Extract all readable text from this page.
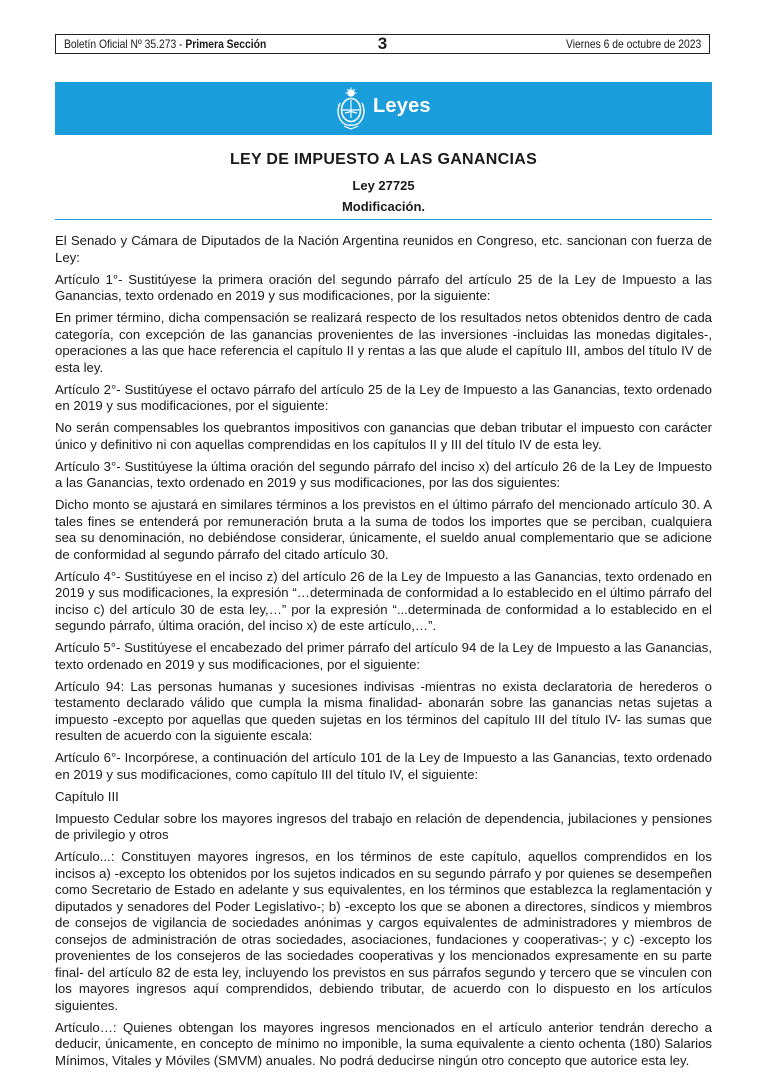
Boletín Oficial Nº 35.273 - Primera Sección	3	Viernes 6 de octubre de 2023
Leyes
LEY DE IMPUESTO A LAS GANANCIAS
Ley 27725
Modificación.

El Senado y Cámara de Diputados de la Nación Argentina reunidos en Congreso, etc. sancionan con fuerza de Ley:

Artículo 1°- Sustitúyese la primera oración del segundo párrafo del artículo 25 de la Ley de Impuesto a las Ganancias, texto ordenado en 2019 y sus modificaciones, por la siguiente:

En primer término, dicha compensación se realizará respecto de los resultados netos obtenidos dentro de cada categoría, con excepción de las ganancias provenientes de las inversiones -incluidas las monedas digitales-, operaciones a las que hace referencia el capítulo II y rentas a las que alude el capítulo III, ambos del título IV de esta ley.

Artículo 2°- Sustitúyese el octavo párrafo del artículo 25 de la Ley de Impuesto a las Ganancias, texto ordenado en 2019 y sus modificaciones, por el siguiente:

No serán compensables los quebrantos impositivos con ganancias que deban tributar el impuesto con carácter único y definitivo ni con aquellas comprendidas en los capítulos II y III del título IV de esta ley.

Artículo 3°- Sustitúyese la última oración del segundo párrafo del inciso x) del artículo 26 de la Ley de Impuesto a las Ganancias, texto ordenado en 2019 y sus modificaciones, por las dos siguientes:

Dicho monto se ajustará en similares términos a los previstos en el último párrafo del mencionado artículo 30. A tales fines se entenderá por remuneración bruta a la suma de todos los importes que se perciban, cualquiera sea su denominación, no debiéndose considerar, únicamente, el sueldo anual complementario que se adicione de conformidad al segundo párrafo del citado artículo 30.

Artículo 4°- Sustitúyese en el inciso z) del artículo 26 de la Ley de Impuesto a las Ganancias, texto ordenado en 2019 y sus modificaciones, la expresión “…determinada de conformidad a lo establecido en el último párrafo del inciso c) del artículo 30 de esta ley,…” por la expresión “...determinada de conformidad a lo establecido en el segundo párrafo, última oración, del inciso x) de este artículo,…”.

Artículo 5°- Sustitúyese el encabezado del primer párrafo del artículo 94 de la Ley de Impuesto a las Ganancias, texto ordenado en 2019 y sus modificaciones, por el siguiente:

Artículo 94: Las personas humanas y sucesiones indivisas -mientras no exista declaratoria de herederos o testamento declarado válido que cumpla la misma finalidad- abonarán sobre las ganancias netas sujetas a impuesto -excepto por aquellas que queden sujetas en los términos del capítulo III del título IV- las sumas que resulten de acuerdo con la siguiente escala:

Artículo 6°- Incorpórese, a continuación del artículo 101 de la Ley de Impuesto a las Ganancias, texto ordenado en 2019 y sus modificaciones, como capítulo III del título IV, el siguiente:

Capítulo III

Impuesto Cedular sobre los mayores ingresos del trabajo en relación de dependencia, jubilaciones y pensiones de privilegio y otros

Artículo...: Constituyen mayores ingresos, en los términos de este capítulo, aquellos comprendidos en los incisos a) -excepto los obtenidos por los sujetos indicados en su segundo párrafo y por quienes se desempeñen como Secretario de Estado en adelante y sus equivalentes, en los términos que establezca la reglamentación y diputados y senadores del Poder Legislativo-; b) -excepto los que se abonen a directores, síndicos y miembros de consejos de vigilancia de sociedades anónimas y cargos equivalentes de administradores y miembros de consejos de administración de otras sociedades, asociaciones, fundaciones y cooperativas-; y c) -excepto los provenientes de los consejeros de las sociedades cooperativas y los mencionados expresamente en su parte final- del artículo 82 de esta ley, incluyendo los previstos en sus párrafos segundo y tercero que se vinculen con los mayores ingresos aquí comprendidos, debiendo tributar, de acuerdo con lo dispuesto en los artículos siguientes.

Artículo…: Quienes obtengan los mayores ingresos mencionados en el artículo anterior tendrán derecho a deducir, únicamente, en concepto de mínimo no imponible, la suma equivalente a ciento ochenta (180) Salarios Mínimos, Vitales y Móviles (SMVM) anuales. No podrá deducirse ningún otro concepto que autorice esta ley.
